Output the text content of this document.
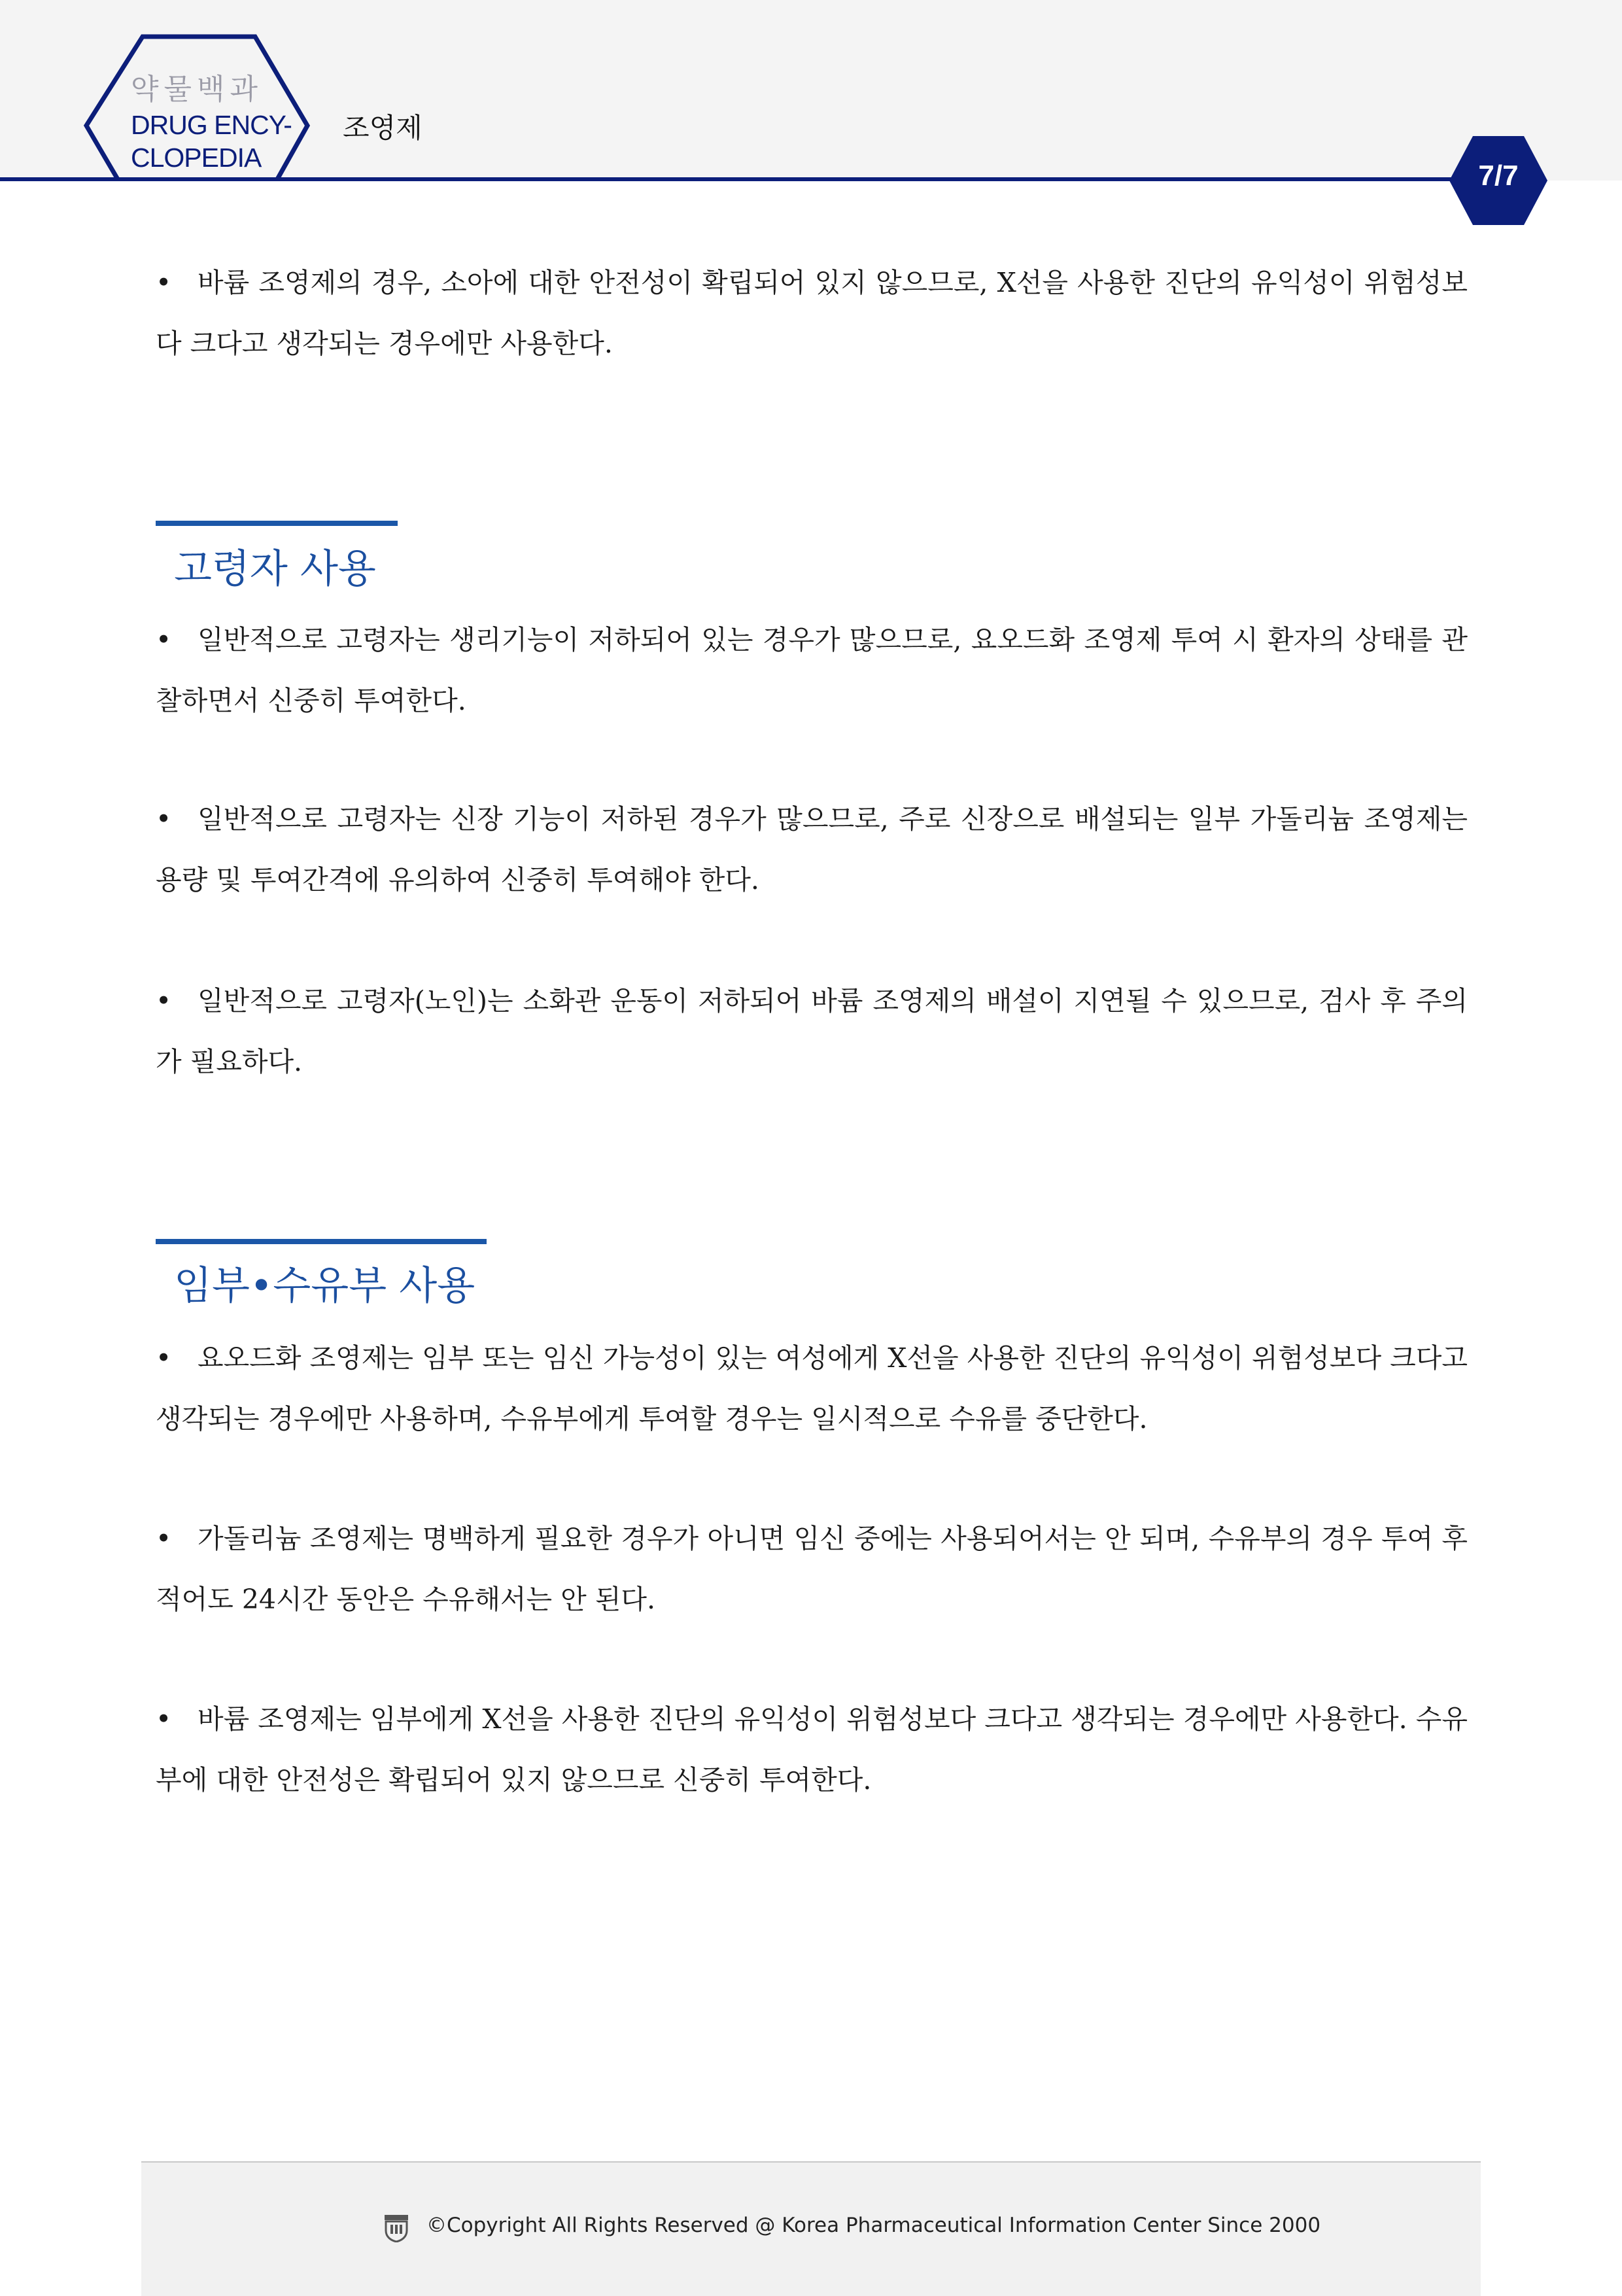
약물백과
DRUG ENCY-
CLOPEDIA
조영제
7/7
• 바륨 조영제의 경우, 소아에 대한 안전성이 확립되어 있지 않으므로, X선을 사용한 진단의 유익성이 위험성보다 크다고 생각되는 경우에만 사용한다.
고령자 사용
• 일반적으로 고령자는 생리기능이 저하되어 있는 경우가 많으므로, 요오드화 조영제 투여 시 환자의 상태를 관찰하면서 신중히 투여한다.
• 일반적으로 고령자는 신장 기능이 저하된 경우가 많으므로, 주로 신장으로 배설되는 일부 가돌리늄 조영제는 용량 및 투여간격에 유의하여 신중히 투여해야 한다.
• 일반적으로 고령자(노인)는 소화관 운동이 저하되어 바륨 조영제의 배설이 지연될 수 있으므로, 검사 후 주의가 필요하다.
임부•수유부 사용
• 요오드화 조영제는 임부 또는 임신 가능성이 있는 여성에게 X선을 사용한 진단의 유익성이 위험성보다 크다고 생각되는 경우에만 사용하며, 수유부에게 투여할 경우는 일시적으로 수유를 중단한다.
• 가돌리늄 조영제는 명백하게 필요한 경우가 아니면 임신 중에는 사용되어서는 안 되며, 수유부의 경우 투여 후 적어도 24시간 동안은 수유해서는 안 된다.
• 바륨 조영제는 임부에게 X선을 사용한 진단의 유익성이 위험성보다 크다고 생각되는 경우에만 사용한다. 수유부에 대한 안전성은 확립되어 있지 않으므로 신중히 투여한다.
©Copyright All Rights Reserved @ Korea Pharmaceutical Information Center Since 2000
